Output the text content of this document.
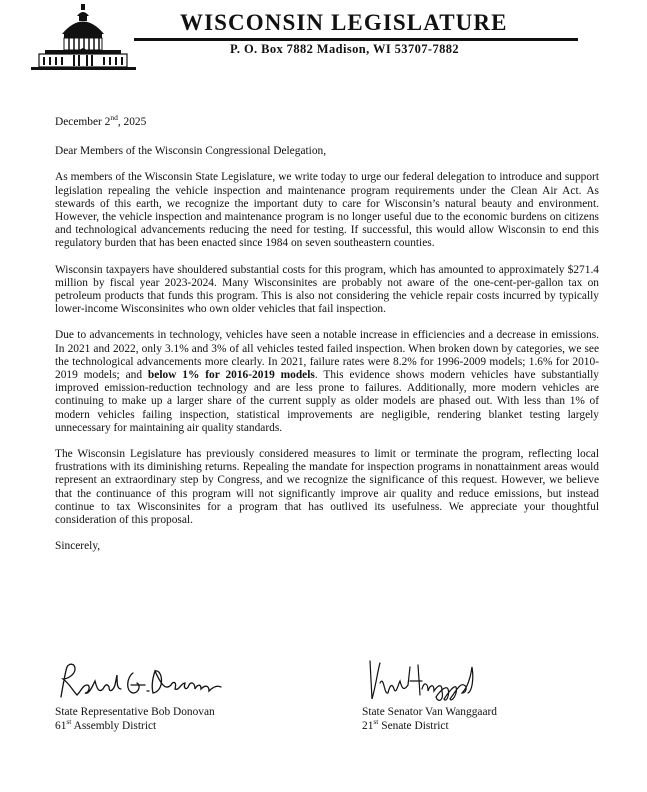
WISCONSIN LEGISLATURE
P. O. Box 7882 Madison, WI 53707-7882

December 2nd, 2025

Dear Members of the Wisconsin Congressional Delegation,

As members of the Wisconsin State Legislature, we write today to urge our federal delegation to introduce and support legislation repealing the vehicle inspection and maintenance program requirements under the Clean Air Act. As stewards of this earth, we recognize the important duty to care for Wisconsin’s natural beauty and environment. However, the vehicle inspection and maintenance program is no longer useful due to the economic burdens on citizens and technological advancements reducing the need for testing. If successful, this would allow Wisconsin to end this regulatory burden that has been enacted since 1984 on seven southeastern counties.

Wisconsin taxpayers have shouldered substantial costs for this program, which has amounted to approximately $271.4 million by fiscal year 2023-2024. Many Wisconsinites are probably not aware of the one-cent-per-gallon tax on petroleum products that funds this program. This is also not considering the vehicle repair costs incurred by typically lower-income Wisconsinites who own older vehicles that fail inspection.

Due to advancements in technology, vehicles have seen a notable increase in efficiencies and a decrease in emissions. In 2021 and 2022, only 3.1% and 3% of all vehicles tested failed inspection. When broken down by categories, we see the technological advancements more clearly. In 2021, failure rates were 8.2% for 1996-2009 models; 1.6% for 2010-2019 models; and below 1% for 2016-2019 models. This evidence shows modern vehicles have substantially improved emission-reduction technology and are less prone to failures. Additionally, more modern vehicles are continuing to make up a larger share of the current supply as older models are phased out. With less than 1% of modern vehicles failing inspection, statistical improvements are negligible, rendering blanket testing largely unnecessary for maintaining air quality standards.

The Wisconsin Legislature has previously considered measures to limit or terminate the program, reflecting local frustrations with its diminishing returns. Repealing the mandate for inspection programs in nonattainment areas would represent an extraordinary step by Congress, and we recognize the significance of this request. However, we believe that the continuance of this program will not significantly improve air quality and reduce emissions, but instead continue to tax Wisconsinites for a program that has outlived its usefulness. We appreciate your thoughtful consideration of this proposal.

Sincerely,

State Representative Bob Donovan
61st Assembly District
State Senator Van Wanggaard
21st Senate District
